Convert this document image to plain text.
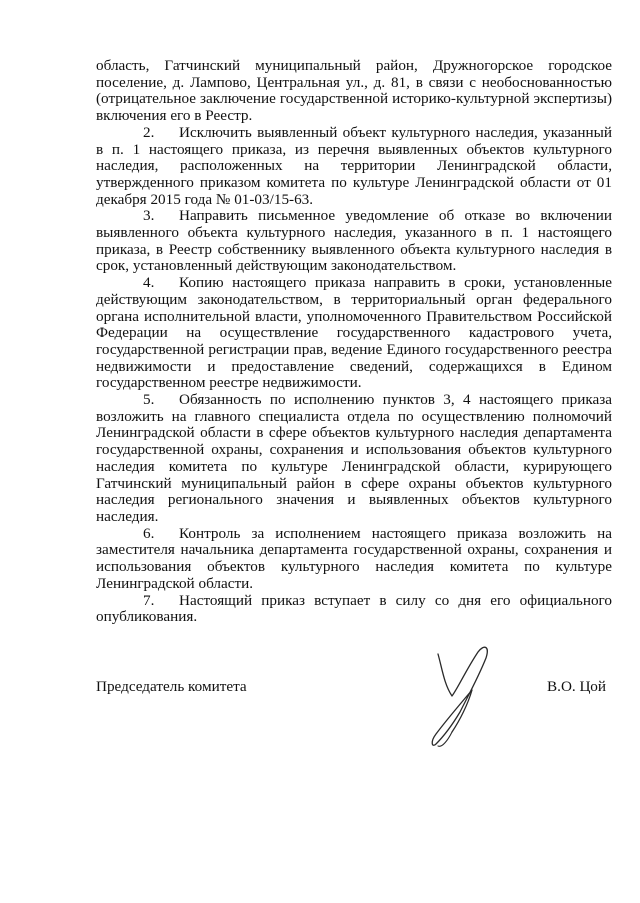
область, Гатчинский муниципальный район, Дружногорское городское поселение, д. Лампово, Центральная ул., д. 81, в связи с необоснованностью (отрицательное заключение государственной историко-культурной экспертизы) включения его в Реестр.

2. Исключить выявленный объект культурного наследия, указанный в п. 1 настоящего приказа, из перечня выявленных объектов культурного наследия, расположенных на территории Ленинградской области, утвержденного приказом комитета по культуре Ленинградской области от 01 декабря 2015 года № 01-03/15-63.

3. Направить письменное уведомление об отказе во включении выявленного объекта культурного наследия, указанного в п. 1 настоящего приказа, в Реестр собственнику выявленного объекта культурного наследия в срок, установленный действующим законодательством.

4. Копию настоящего приказа направить в сроки, установленные действующим законодательством, в территориальный орган федерального органа исполнительной власти, уполномоченного Правительством Российской Федерации на осуществление государственного кадастрового учета, государственной регистрации прав, ведение Единого государственного реестра недвижимости и предоставление сведений, содержащихся в Едином государственном реестре недвижимости.

5. Обязанность по исполнению пунктов 3, 4 настоящего приказа возложить на главного специалиста отдела по осуществлению полномочий Ленинградской области в сфере объектов культурного наследия департамента государственной охраны, сохранения и использования объектов культурного наследия комитета по культуре Ленинградской области, курирующего Гатчинский муниципальный район в сфере охраны объектов культурного наследия регионального значения и выявленных объектов культурного наследия.

6. Контроль за исполнением настоящего приказа возложить на заместителя начальника департамента государственной охраны, сохранения и использования объектов культурного наследия комитета по культуре Ленинградской области.

7. Настоящий приказ вступает в силу со дня его официального опубликования.

Председатель комитета	В.О. Цой
